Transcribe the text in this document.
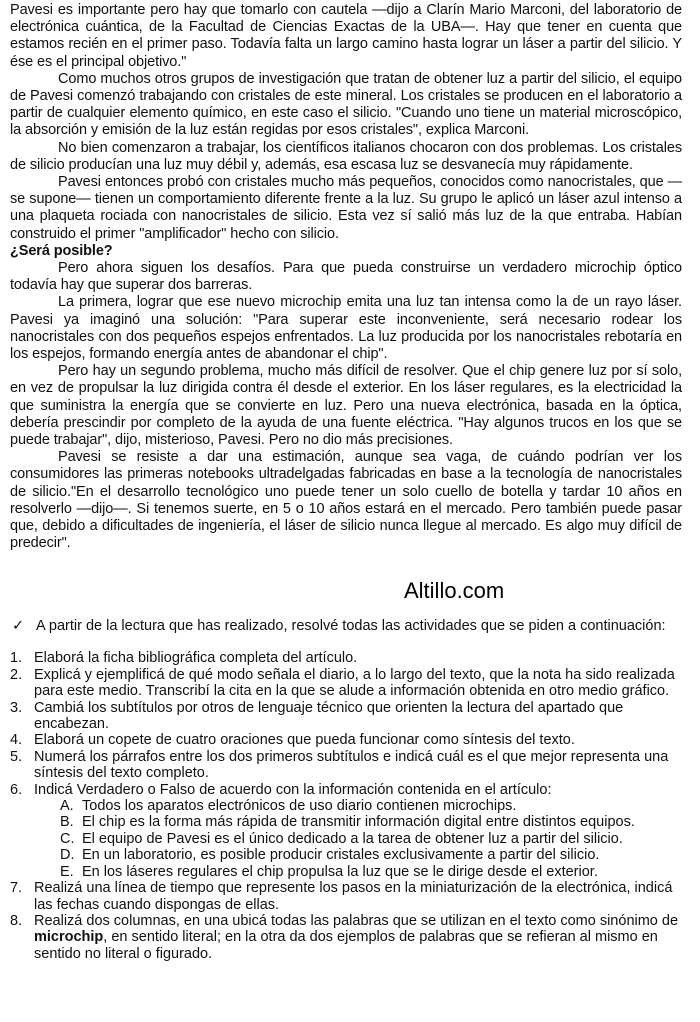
Pavesi es importante pero hay que tomarlo con cautela —dijo a Clarín Mario Marconi, del laboratorio de electrónica cuántica, de la Facultad de Ciencias Exactas de la UBA—. Hay que tener en cuenta que estamos recién en el primer paso. Todavía falta un largo camino hasta lograr un láser a partir del silicio. Y ése es el principal objetivo."

Como muchos otros grupos de investigación que tratan de obtener luz a partir del silicio, el equipo de Pavesi comenzó trabajando con cristales de este mineral. Los cristales se producen en el laboratorio a partir de cualquier elemento químico, en este caso el silicio. "Cuando uno tiene un material microscópico, la absorción y emisión de la luz están regidas por esos cristales", explica Marconi.

No bien comenzaron a trabajar, los científicos italianos chocaron con dos problemas. Los cristales de silicio producían una luz muy débil y, además, esa escasa luz se desvanecía muy rápidamente.

Pavesi entonces probó con cristales mucho más pequeños, conocidos como nanocristales, que —se supone— tienen un comportamiento diferente frente a la luz. Su grupo le aplicó un láser azul intenso a una plaqueta rociada con nanocristales de silicio. Esta vez sí salió más luz de la que entraba. Habían construido el primer "amplificador" hecho con silicio.

¿Será posible?

Pero ahora siguen los desafíos. Para que pueda construirse un verdadero microchip óptico todavía hay que superar dos barreras.

La primera, lograr que ese nuevo microchip emita una luz tan intensa como la de un rayo láser. Pavesi ya imaginó una solución: "Para superar este inconveniente, será necesario rodear los nanocristales con dos pequeños espejos enfrentados. La luz producida por los nanocristales rebotaría en los espejos, formando energía antes de abandonar el chip".

Pero hay un segundo problema, mucho más difícil de resolver. Que el chip genere luz por sí solo, en vez de propulsar la luz dirigida contra él desde el exterior. En los láser regulares, es la electricidad la que suministra la energía que se convierte en luz. Pero una nueva electrónica, basada en la óptica, debería prescindir por completo de la ayuda de una fuente eléctrica. "Hay algunos trucos en los que se puede trabajar", dijo, misterioso, Pavesi. Pero no dio más precisiones.

Pavesi se resiste a dar una estimación, aunque sea vaga, de cuándo podrían ver los consumidores las primeras notebooks ultradelgadas fabricadas en base a la tecnología de nanocristales de silicio."En el desarrollo tecnológico uno puede tener un solo cuello de botella y tardar 10 años en resolverlo —dijo—. Si tenemos suerte, en 5 o 10 años estará en el mercado. Pero también puede pasar que, debido a dificultades de ingeniería, el láser de silicio nunca llegue al mercado. Es algo muy difícil de predecir".

Altillo.com
✓ A partir de la lectura que has realizado, resolvé todas las actividades que se piden a continuación:
1. Elaborá la ficha bibliográfica completa del artículo.
2. Explicá y ejemplificá de qué modo señala el diario, a lo largo del texto, que la nota ha sido realizada para este medio. Transcribí la cita en la que se alude a información obtenida en otro medio gráfico.
3. Cambiá los subtítulos por otros de lenguaje técnico que orienten la lectura del apartado que encabezan.
4. Elaborá un copete de cuatro oraciones que pueda funcionar como síntesis del texto.
5. Numerá los párrafos entre los dos primeros subtítulos e indicá cuál es el que mejor representa una síntesis del texto completo.
6. Indicá Verdadero o Falso de acuerdo con la información contenida en el artículo:
A. Todos los aparatos electrónicos de uso diario contienen microchips.
B. El chip es la forma más rápida de transmitir información digital entre distintos equipos.
C. El equipo de Pavesi es el único dedicado a la tarea de obtener luz a partir del silicio.
D. En un laboratorio, es posible producir cristales exclusivamente a partir del silicio.
E. En los láseres regulares el chip propulsa la luz que se le dirige desde el exterior.
7. Realizá una línea de tiempo que represente los pasos en la miniaturización de la electrónica, indicá las fechas cuando dispongas de ellas.
8. Realizá dos columnas, en una ubicá todas las palabras que se utilizan en el texto como sinónimo de microchip, en sentido literal; en la otra da dos ejemplos de palabras que se refieran al mismo en sentido no literal o figurado.
